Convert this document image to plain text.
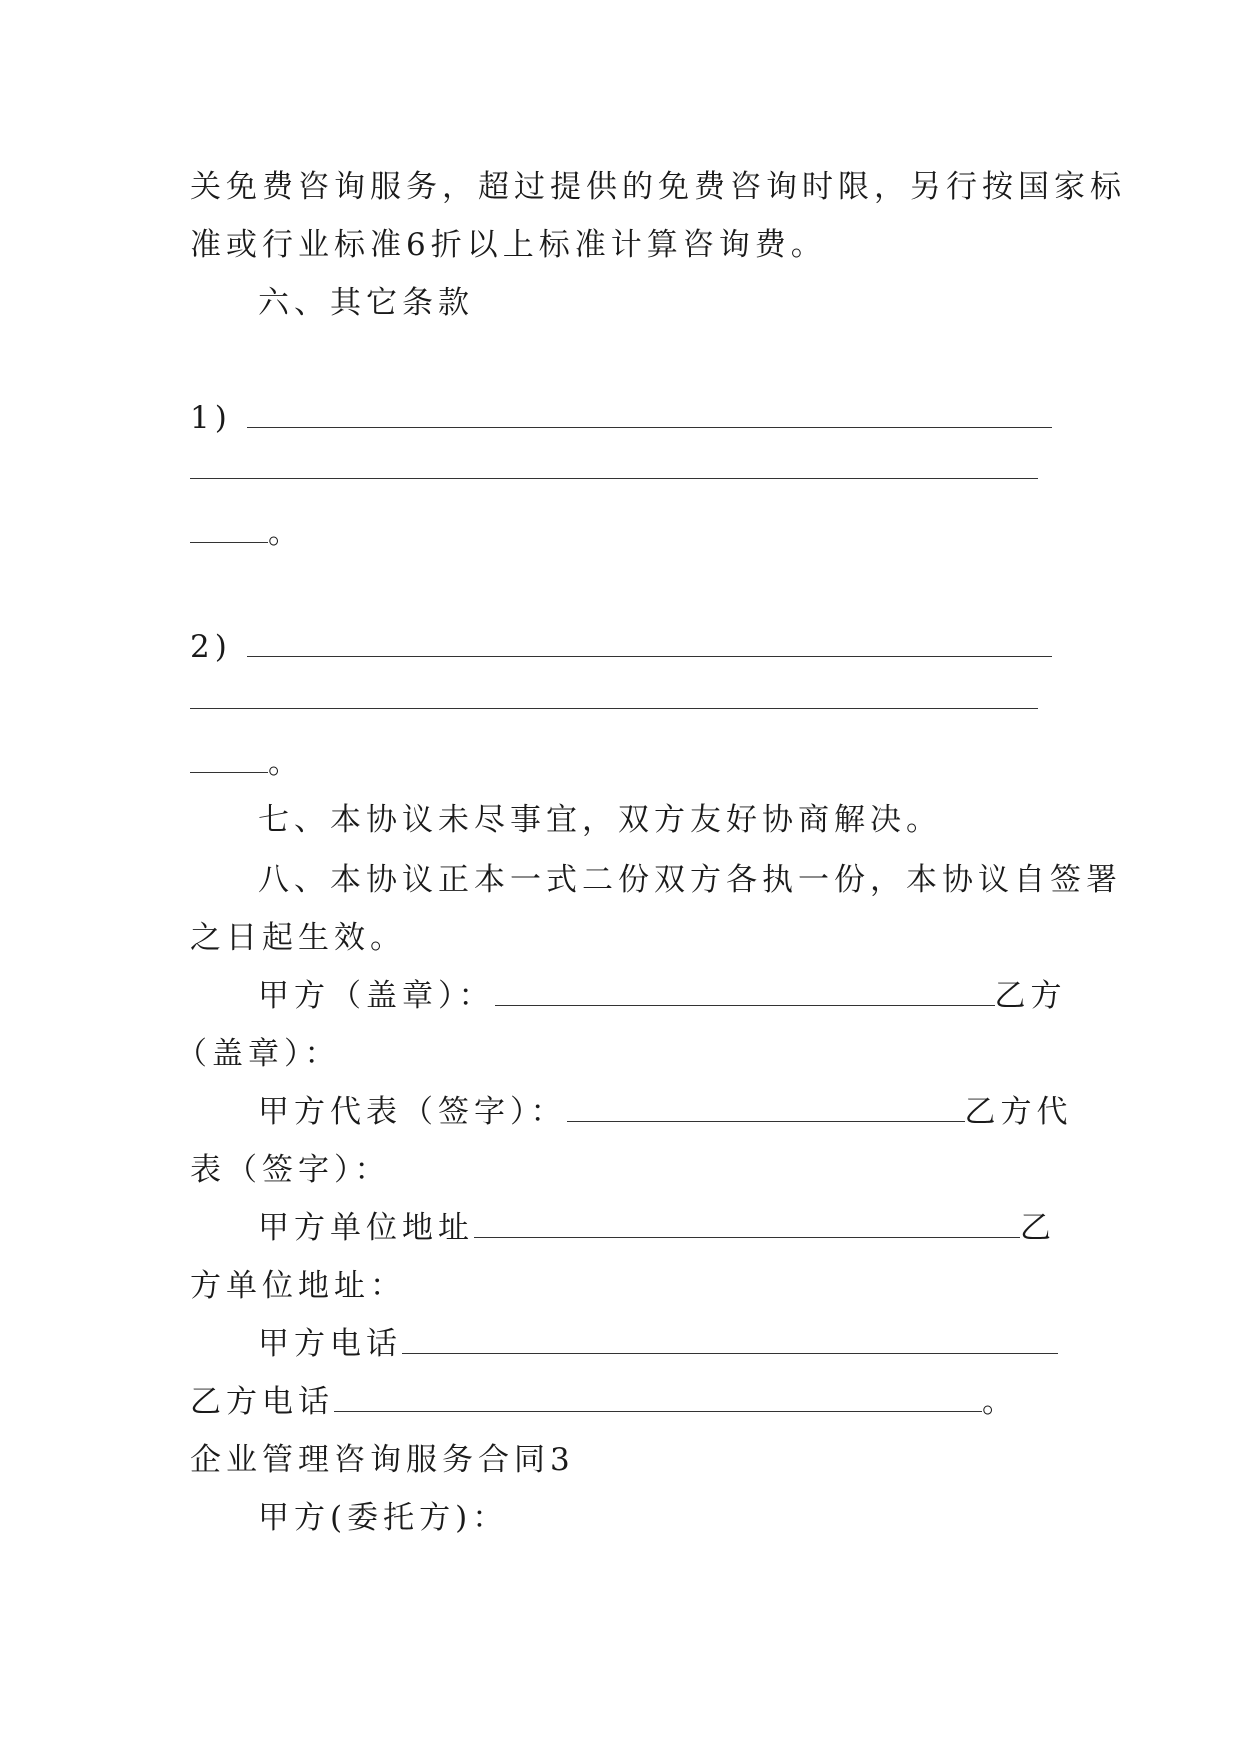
关免费咨询服务，超过提供的免费咨询时限，另行按国家标
准或行业标准6折以上标准计算咨询费。
六、其它条款
1)
。
2)
。
七、本协议未尽事宜，双方友好协商解决。
八、本协议正本一式二份双方各执一份，本协议自签署
之日起生效。
甲方（盖章）：	乙方
（盖章）：
甲方代表（签字）：	乙方代
表（签字）：
甲方单位地址	乙
方单位地址：
甲方电话
乙方电话	。
企业管理咨询服务合同3
甲方(委托方)：
